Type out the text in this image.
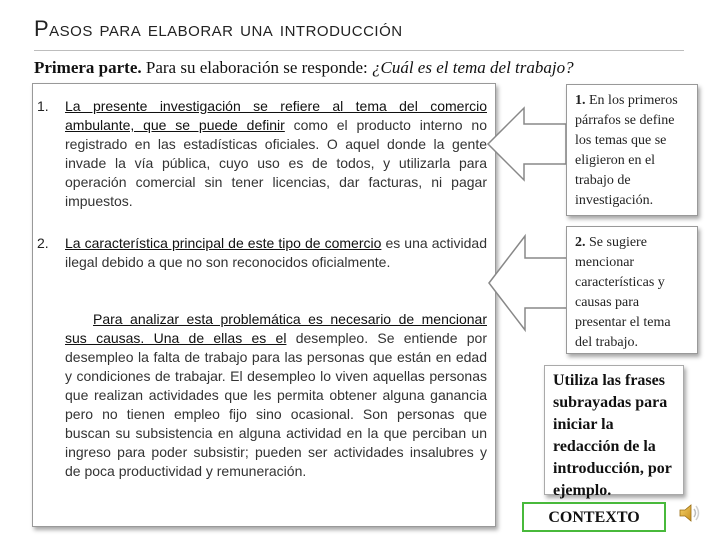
Pasos para elaborar una introducción
Primera parte. Para su elaboración se responde: ¿Cuál es el tema del trabajo?
1. La presente investigación se refiere al tema del comercio ambulante, que se puede definir como el producto interno no registrado en las estadísticas oficiales. O aquel donde la gente invade la vía pública, cuyo uso es de todos, y utilizarla para operación comercial sin tener licencias, dar facturas, ni pagar impuestos.
2. La característica principal de este tipo de comercio es una actividad ilegal debido a que no son reconocidos oficialmente.
Para analizar esta problemática es necesario de mencionar sus causas. Una de ellas es el desempleo. Se entiende por desempleo la falta de trabajo para las personas que están en edad y condiciones de trabajar. El desempleo lo viven aquellas personas que realizan actividades que les permita obtener alguna ganancia pero no tienen empleo fijo sino ocasional. Son personas que buscan su subsistencia en alguna actividad en la que perciban un ingreso para poder subsistir; pueden ser actividades insalubres y de poca productividad y remuneración.
1. En los primeros párrafos se define los temas que se eligieron en el trabajo de investigación.
2. Se sugiere mencionar características y causas para presentar el tema del trabajo.
Utiliza las frases subrayadas para iniciar la redacción de la introducción, por ejemplo.
CONTEXTO
